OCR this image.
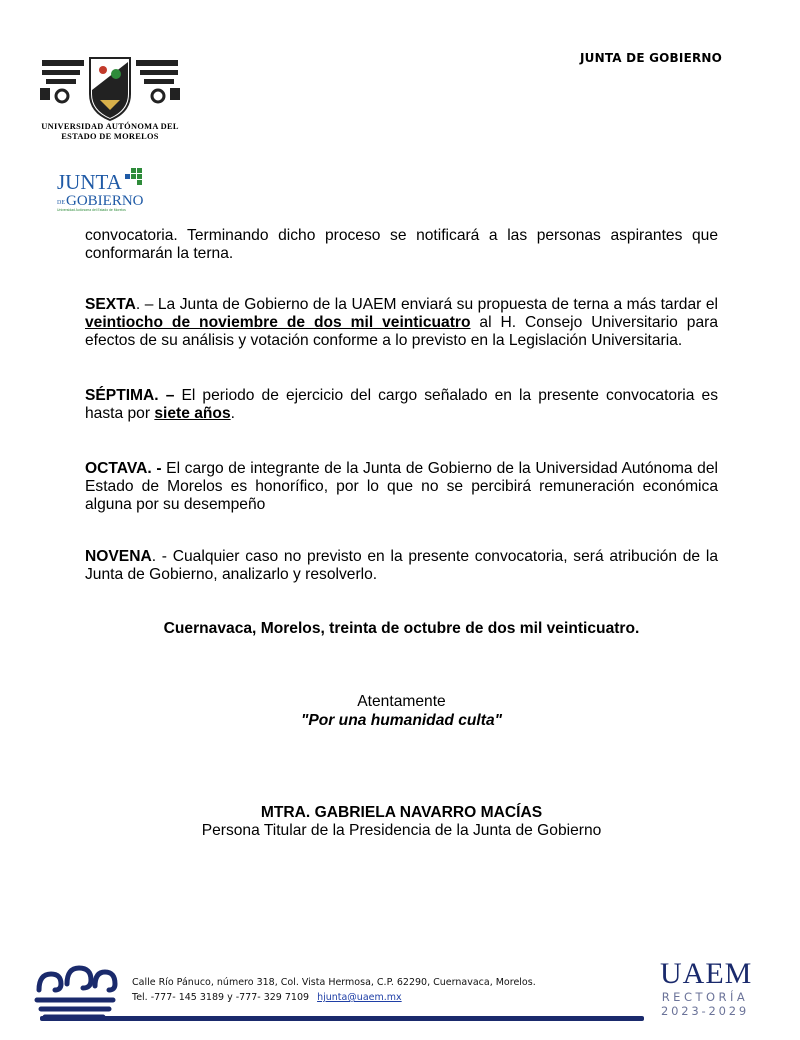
JUNTA DE GOBIERNO
UNIVERSIDAD AUTÓNOMA DEL
ESTADO DE MORELOS
JUNTA
DE GOBIERNO
Universidad Autónoma del Estado de Morelos
convocatoria. Terminando dicho proceso se notificará a las personas aspirantes que conformarán la terna.
SEXTA. – La Junta de Gobierno de la UAEM enviará su propuesta de terna a más tardar el veintiocho de noviembre de dos mil veinticuatro al H. Consejo Universitario para efectos de su análisis y votación conforme a lo previsto en la Legislación Universitaria.
SÉPTIMA. – El periodo de ejercicio del cargo señalado en la presente convocatoria es hasta por siete años.
OCTAVA. - El cargo de integrante de la Junta de Gobierno de la Universidad Autónoma del Estado de Morelos es honorífico, por lo que no se percibirá remuneración económica alguna por su desempeño
NOVENA. - Cualquier caso no previsto en la presente convocatoria, será atribución de la Junta de Gobierno, analizarlo y resolverlo.
Cuernavaca, Morelos, treinta de octubre de dos mil veinticuatro.
Atentamente
"Por una humanidad culta"
MTRA. GABRIELA NAVARRO MACÍAS
Persona Titular de la Presidencia de la Junta de Gobierno
Calle Río Pánuco, número 318, Col. Vista Hermosa, C.P. 62290, Cuernavaca, Morelos.
Tel. -777- 145 3189 y -777- 329 7109 hjunta@uaem.mx
UAEM
RECTORÍA
2023-2029
